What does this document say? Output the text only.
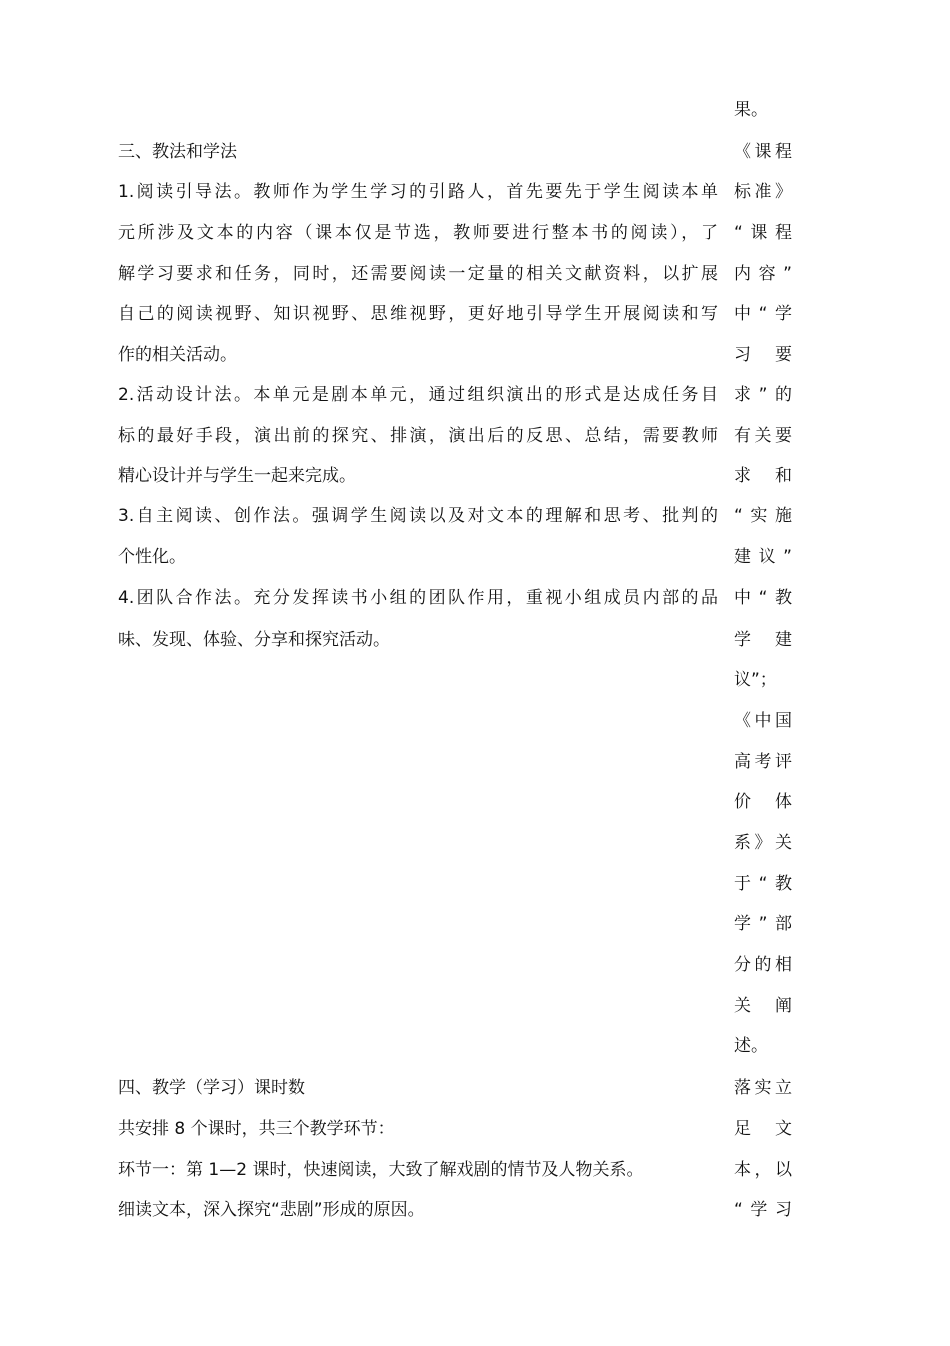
三、教法和学法
1.阅读引导法。教师作为学生学习的引路人，首先要先于学生阅读本单
元所涉及文本的内容（课本仅是节选，教师要进行整本书的阅读），了
解学习要求和任务，同时，还需要阅读一定量的相关文献资料，以扩展
自己的阅读视野、知识视野、思维视野，更好地引导学生开展阅读和写
作的相关活动。
2.活动设计法。本单元是剧本单元，通过组织演出的形式是达成任务目
标的最好手段，演出前的探究、排演，演出后的反思、总结，需要教师
精心设计并与学生一起来完成。
3.自主阅读、创作法。强调学生阅读以及对文本的理解和思考、批判的
个性化。
4.团队合作法。充分发挥读书小组的团队作用，重视小组成员内部的品
味、发现、体验、分享和探究活动。
四、教学（学习）课时数
共安排 8 个课时，共三个教学环节：
环节一：第 1—2 课时，快速阅读，大致了解戏剧的情节及人物关系。
细读文本，深入探究“悲剧”形成的原因。
果。
《课程
标准》
“课程
内容”
中“学
习 要
求”的
有关要
求 和
“实施
建议”
中“教
学 建
议”；
《中国
高考评
价 体
系》关
于“教
学”部
分的相
关 阐
述。
落实立
足 文
本，以
“学习
